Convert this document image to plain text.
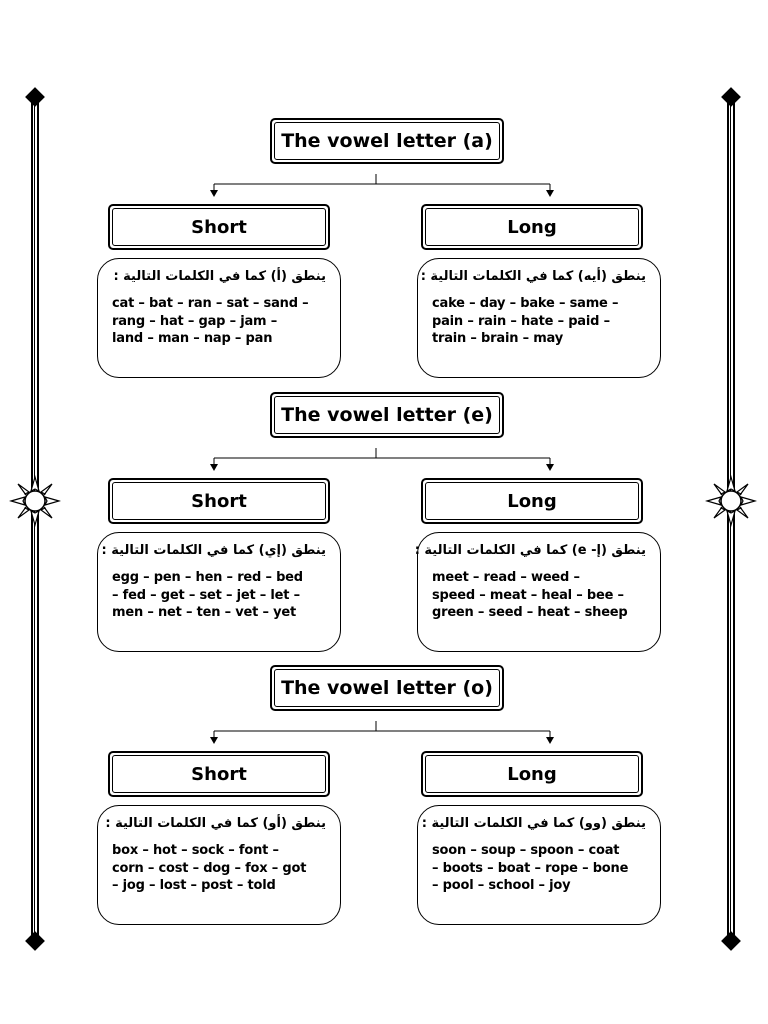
The vowel letter (a)
Short	Long
ينطق (أ) كما في الكلمات التالية :
cat – bat – ran – sat – sand –
rang – hat – gap – jam –
land – man – nap – pan
ينطق (أيه) كما في الكلمات التالية :
cake – day – bake – same –
pain – rain – hate – paid –
train – brain – may
The vowel letter (e)
Short	Long
ينطق (إي) كما في الكلمات التالية :
egg – pen – hen – red – bed
– fed – get – set – jet – let –
men – net – ten – vet – yet
ينطق (إ- e) كما في الكلمات التالية :
meet – read – weed –
speed – meat – heal – bee –
green – seed – heat – sheep
The vowel letter (o)
Short	Long
ينطق (أو) كما في الكلمات التالية :
box – hot – sock – font –
corn – cost – dog – fox – got
– jog – lost – post – told
ينطق (وو) كما في الكلمات التالية :
soon – soup – spoon – coat
– boots – boat – rope – bone
– pool – school – joy
